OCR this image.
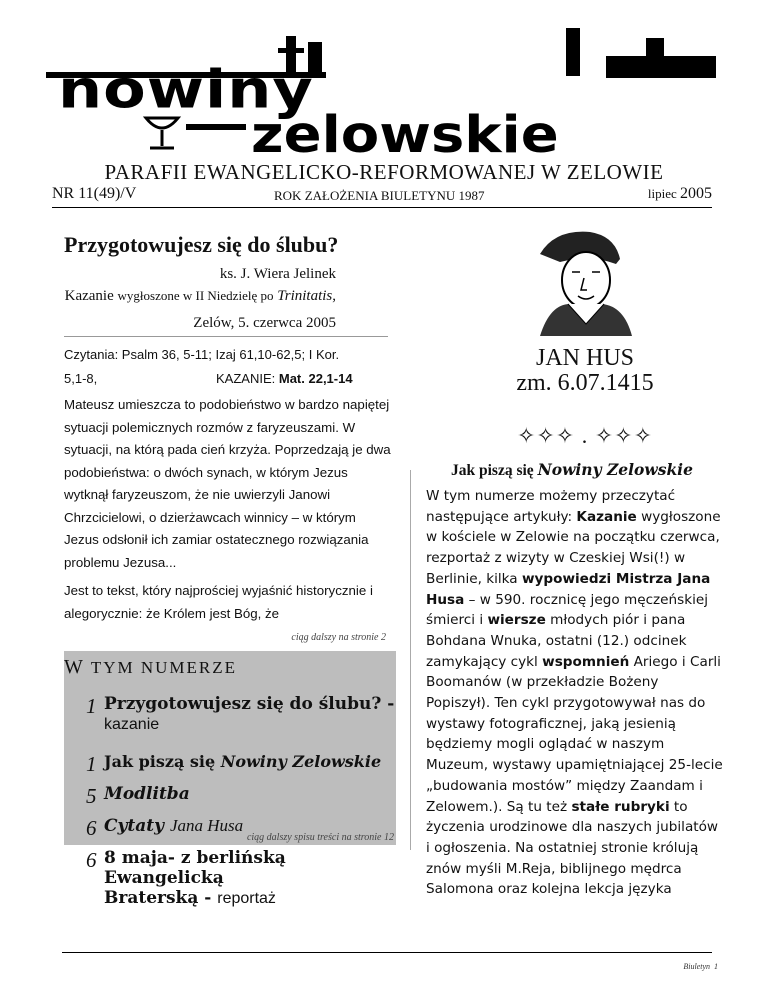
nowiny
zelowskie
PARAFII EWANGELICKO-REFORMOWANEJ W ZELOWIE
NR 11(49)/V	ROK ZAŁOŻENIA BIULETYNU 1987	lipiec 2005
Przygotowujesz się do ślubu?
ks. J. Wiera Jelinek
Kazanie wygłoszone w II Niedzielę po Trinitatis,
Zelów, 5. czerwca 2005
Czytania: Psalm 36, 5-11; Izaj 61,10-62,5; I Kor.
5,1-8,	KAZANIE: Mat. 22,1-14

Mateusz umieszcza to podobieństwo w bardzo napiętej sytuacji polemicznych rozmów z faryzeuszami. W sytuacji, na którą pada cień krzyża. Poprzedzają je dwa podobieństwa: o dwóch synach, w którym Jezus wytknął faryzeuszom, że nie uwierzyli Janowi Chrzcicielowi, o dzierżawcach winnicy – w którym Jezus odsłonił ich zamiar ostatecznego rozwiązania problemu Jezusa...

Jest to tekst, który najprościej wyjaśnić historycznie i alegorycznie: że Królem jest Bóg, że

ciąg dalszy na stronie 2
W TYM NUMERZE
1 Przygotowujesz się do ślubu? -
kazanie
1 Jak piszą się Nowiny Zelowskie
5 Modlitba
6 Cytaty Jana Husa
6 8 maja- z berlińską Ewangelicką
Braterską - reportaż
ciąg dalszy spisu treści na stronie 12
JAN HUS
zm. 6.07.1415
✧✧✧ . ✧✧✧
Jak piszą się Nowiny Zelowskie
W tym numerze możemy przeczytać następujące artykuły: Kazanie wygłoszone w kościele w Zelowie na początku czerwca, rezportaż z wizyty w Czeskiej Wsi(!) w Berlinie, kilka wypowiedzi Mistrza Jana Husa – w 590. rocznicę jego męczeńskiej śmierci i wiersze młodych piór i pana Bohdana Wnuka, ostatni (12.) odcinek zamykający cykl wspomnień Ariego i Carli Boomanów (w przekładzie Bożeny Popiszył). Ten cykl przygotowywał nas do wystawy fotograficznej, jaką jesienią będziemy mogli oglądać w naszym Muzeum, wystawy upamiętniającej 25-lecie „budowania mostów” między Zaandam i Zelowem.). Są tu też stałe rubryki to życzenia urodzinowe dla naszych jubilatów i ogłoszenia. Na ostatniej stronie królują znów myśli M.Reja, biblijnego mędrca Salomona oraz kolejna lekcja języka
Biuletyn 1
